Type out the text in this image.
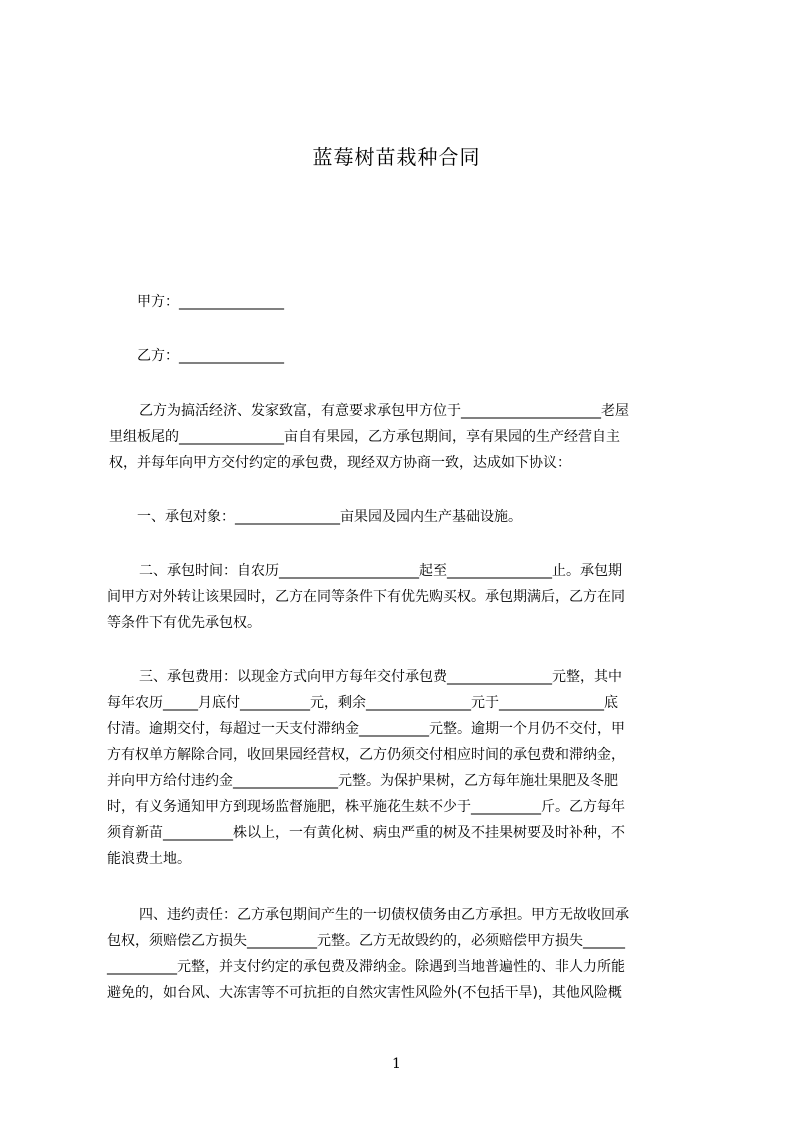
蓝莓树苗栽种合同
甲方：_______________
乙方：_______________
乙方为搞活经济、发家致富，有意要求承包甲方位于____________________老屋
里组板尾的_______________亩自有果园，乙方承包期间，享有果园的生产经营自主
权，并每年向甲方交付约定的承包费，现经双方协商一致，达成如下协议：
一、承包对象：_______________亩果园及园内生产基础设施。
二、承包时间：自农历____________________起至_______________止。承包期
间甲方对外转让该果园时，乙方在同等条件下有优先购买权。承包期满后，乙方在同
等条件下有优先承包权。
三、承包费用：以现金方式向甲方每年交付承包费_______________元整，其中
每年农历_____月底付__________元，剩余_______________元于_______________底
付清。逾期交付，每超过一天支付滞纳金__________元整。逾期一个月仍不交付，甲
方有权单方解除合同，收回果园经营权，乙方仍须交付相应时间的承包费和滞纳金，
并向甲方给付违约金_______________元整。为保护果树，乙方每年施壮果肥及冬肥
时，有义务通知甲方到现场监督施肥，株平施花生麸不少于__________斤。乙方每年
须育新苗__________株以上，一有黄化树、病虫严重的树及不挂果树要及时补种，不
能浪费土地。
四、违约责任：乙方承包期间产生的一切债权债务由乙方承担。甲方无故收回承
包权，须赔偿乙方损失__________元整。乙方无故毁约的，必须赔偿甲方损失______
__________元整，并支付约定的承包费及滞纳金。除遇到当地普遍性的、非人力所能
避免的，如台风、大冻害等不可抗拒的自然灾害性风险外(不包括干旱)，其他风险概
1
